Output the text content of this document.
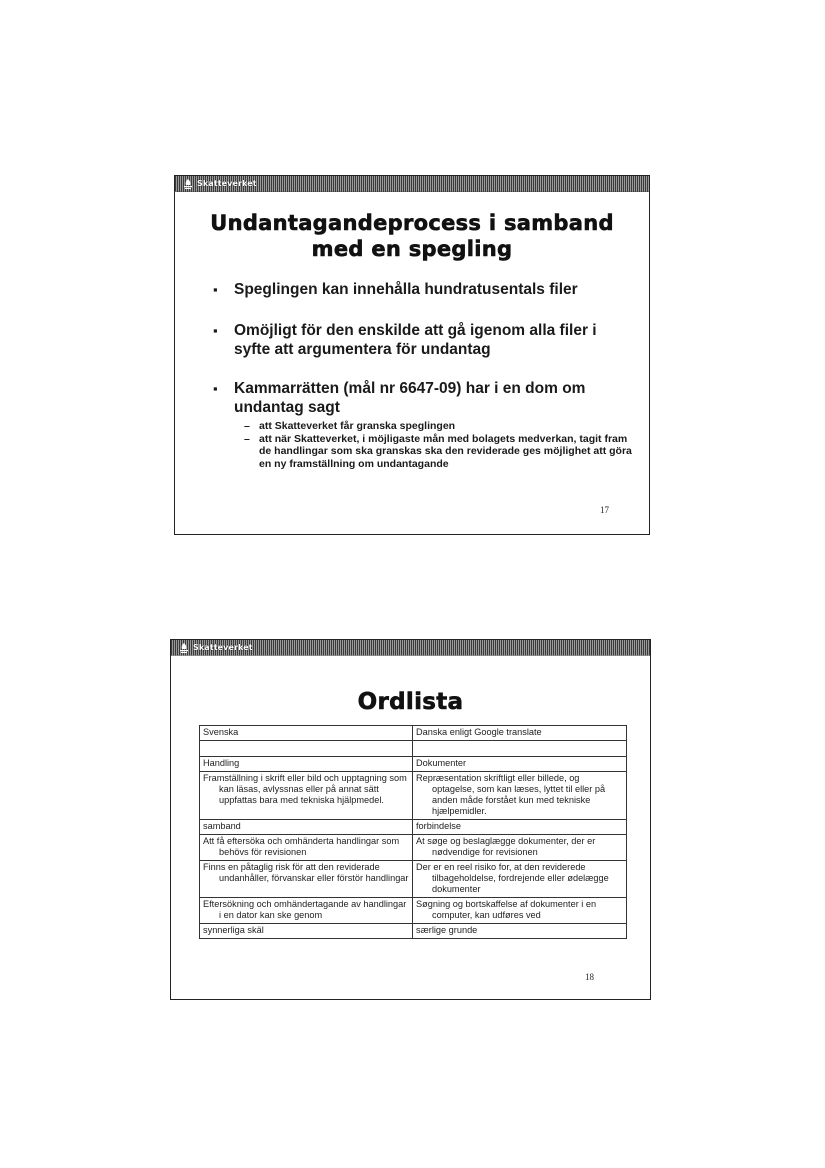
Skatteverket
Undantagandeprocess i samband
med en spegling
▪ Speglingen kan innehålla hundratusentals filer
▪ Omöjligt för den enskilde att gå igenom alla filer i syfte att argumentera för undantag
▪ Kammarrätten (mål nr 6647-09) har i en dom om undantag sagt
– att Skatteverket får granska speglingen
– att när Skatteverket, i möjligaste mån med bolagets medverkan, tagit fram de handlingar som ska granskas ska den reviderade ges möjlighet att göra en ny framställning om undantagande
17
Skatteverket
Ordlista
Svenska	Danska enligt Google translate

Handling	Dokumenter

Framställning i skrift eller bild och upptagning som kan läsas, avlyssnas eller på annat sätt uppfattas bara med tekniska hjälpmedel.	Repræsentation skriftligt eller billede, og optagelse, som kan læses, lyttet til eller på anden måde forstået kun med tekniske hjælpemidler.

samband	forbindelse

Att få eftersöka och omhänderta handlingar som behövs för revisionen	At søge og beslaglægge dokumenter, der er nødvendige for revisionen

Finns en påtaglig risk för att den reviderade undanhåller, förvanskar eller förstör handlingar	Der er en reel risiko for, at den reviderede tilbageholdelse, fordrejende eller ødelægge dokumenter

Eftersökning och omhändertagande av handlingar i en dator kan ske genom	Søgning og bortskaffelse af dokumenter i en computer, kan udføres ved

synnerliga skäl	særlige grunde
18
